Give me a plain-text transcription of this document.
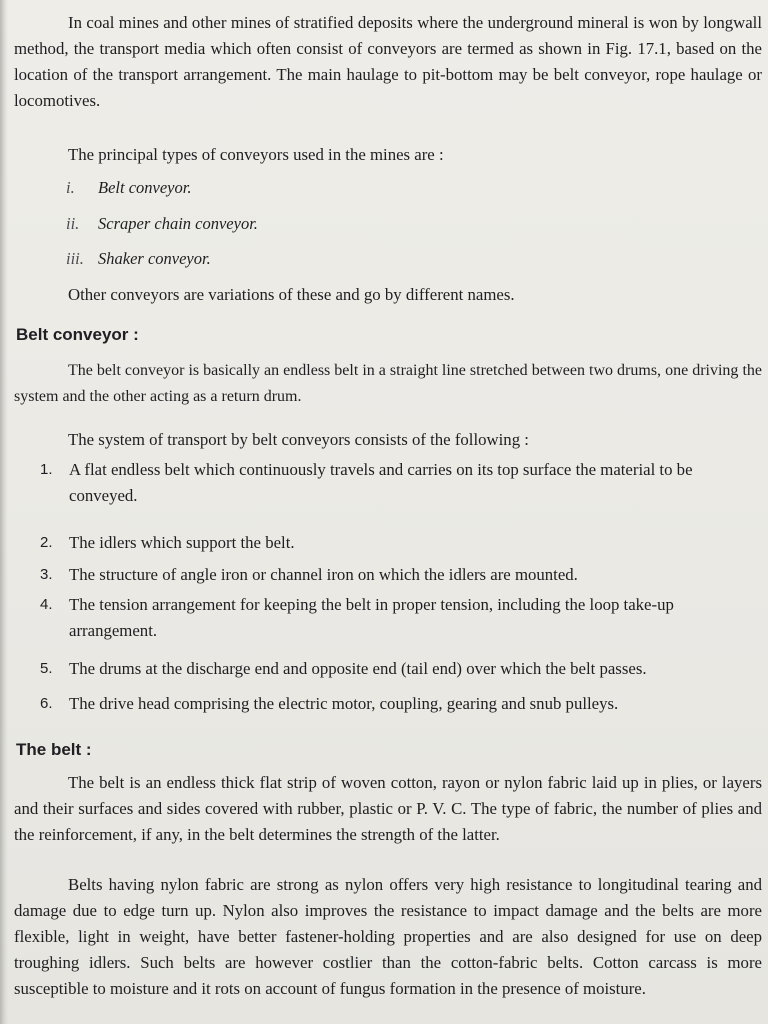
In coal mines and other mines of stratified deposits where the underground mineral is won by longwall method, the transport media which often consist of conveyors are termed as shown in Fig. 17.1, based on the location of the transport arrangement. The main haulage to pit-bottom may be belt conveyor, rope haulage or locomotives.

The principal types of conveyors used in the mines are :
i. Belt conveyor.
ii. Scraper chain conveyor.
iii. Shaker conveyor.
Other conveyors are variations of these and go by different names.
Belt conveyor :

The belt conveyor is basically an endless belt in a straight line stretched between two drums, one driving the system and the other acting as a return drum.

The system of transport by belt conveyors consists of the following :
1. A flat endless belt which continuously travels and carries on its top surface the material to be conveyed.
2. The idlers which support the belt.
3. The structure of angle iron or channel iron on which the idlers are mounted.
4. The tension arrangement for keeping the belt in proper tension, including the loop take-up arrangement.
5. The drums at the discharge end and opposite end (tail end) over which the belt passes.
6. The drive head comprising the electric motor, coupling, gearing and snub pulleys.
The belt :

The belt is an endless thick flat strip of woven cotton, rayon or nylon fabric laid up in plies, or layers and their surfaces and sides covered with rubber, plastic or P. V. C. The type of fabric, the number of plies and the reinforcement, if any, in the belt determines the strength of the latter.

Belts having nylon fabric are strong as nylon offers very high resistance to longitudinal tearing and damage due to edge turn up. Nylon also improves the resistance to impact damage and the belts are more flexible, light in weight, have better fastener-holding properties and are also designed for use on deep troughing idlers. Such belts are however costlier than the cotton-fabric belts. Cotton carcass is more susceptible to moisture and it rots on account of fungus formation in the presence of moisture.
